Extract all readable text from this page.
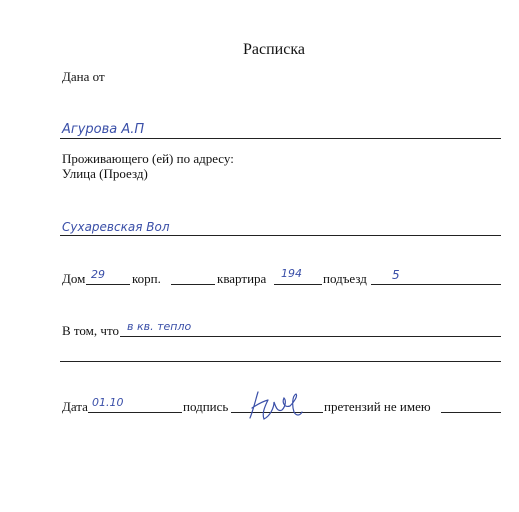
Расписка
Дана от
Агурова А.П
Проживающего (ей) по адресу:
Улица (Проезд)
Сухаревская Вол
Дом 29 корп.	квартира 194 подъезд 5
В том, что в кв. тепло
Дата 01.10	подпись	претензий не имею
